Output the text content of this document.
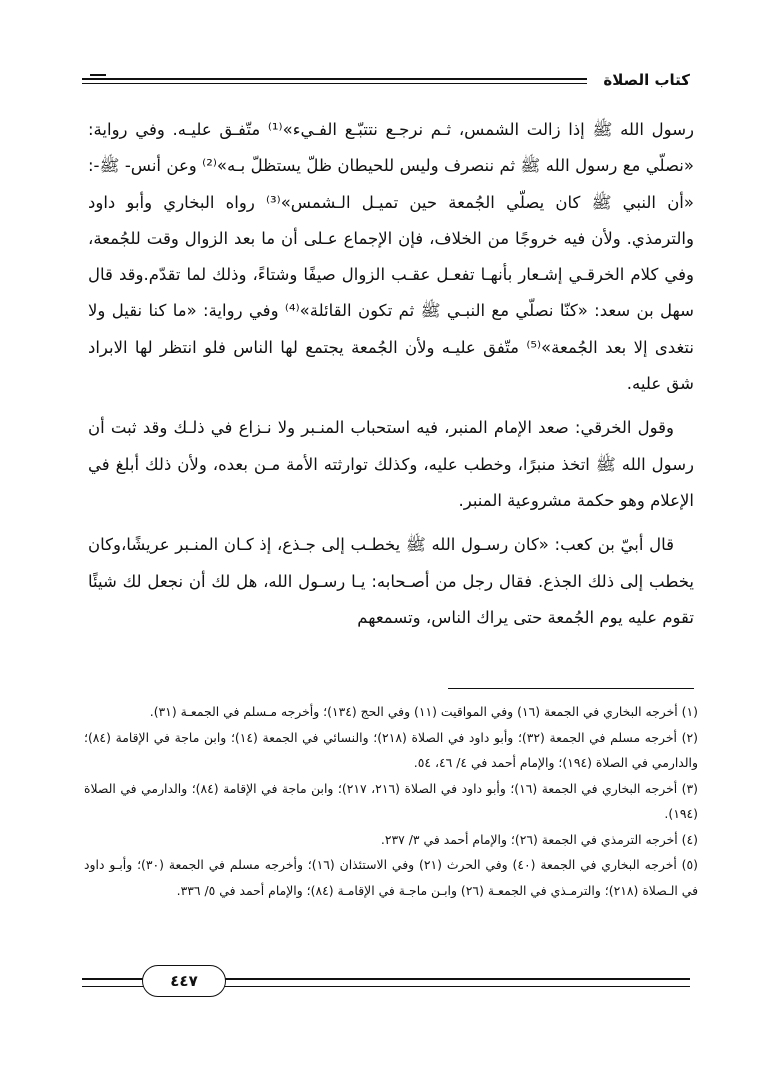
كتاب الصلاة

رسول الله ﷺ إذا زالت الشمس، ثـم نرجـع نتتبّـع الفـيء»⁽¹⁾ متّفـق عليـه. وفي رواية: «نصلّي مع رسول الله ﷺ ثم ننصرف وليس للحيطان ظلّ يستظلّ بـه»⁽²⁾ وعن أنس- ﷺ-: «أن النبي ﷺ كان يصلّي الجُمعة حين تميـل الـشمس»⁽³⁾ رواه البخاري وأبو داود والترمذي. ولأن فيه خروجًا من الخلاف، فإن الإجماع عـلى أن ما بعد الزوال وقت للجُمعة، وفي كلام الخرقـي إشـعار بأنهـا تفعـل عقـب الزوال صيفًا وشتاءً، وذلك لما تقدّم.وقد قال سهل بن سعد: «كنّا نصلّي مع النبـي ﷺ ثم تكون القائلة»⁽⁴⁾ وفي رواية: «ما كنا نقيل ولا نتغدى إلا بعد الجُمعة»⁽⁵⁾ متّفق عليـه ولأن الجُمعة يجتمع لها الناس فلو انتظر لها الابراد شق عليه.

وقول الخرقي: صعد الإمام المنبر، فيه استحباب المنـبر ولا نـزاع في ذلـك وقد ثبت أن رسول الله ﷺ اتخذ منبرًا، وخطب عليه، وكذلك توارثته الأمة مـن بعده، ولأن ذلك أبلغ في الإعلام وهو حكمة مشروعية المنبر.

قال أبيّ بن كعب: «كان رسـول الله ﷺ يخطـب إلى جـذع، إذ كـان المنـبر عريشًا،وكان يخطب إلى ذلك الجذع. فقال رجل من أصـحابه: يـا رسـول الله، هل لك أن نجعل لك شيئًا تقوم عليه يوم الجُمعة حتى يراك الناس، وتسمعهم

(١) أخرجه البخاري في الجمعة (١٦) وفي المواقيت (١١) وفي الحج (١٣٤)؛ وأخرجه مـسلم في الجمعـة (٣١).

(٢) أخرجه مسلم في الجمعة (٣٢)؛ وأبو داود في الصلاة (٢١٨)؛ والنسائي في الجمعة (١٤)؛ وابن ماجة في الإقامة (٨٤)؛ والدارمي في الصلاة (١٩٤)؛ والإمام أحمد في ٤/ ٤٦، ٥٤.

(٣) أخرجه البخاري في الجمعة (١٦)؛ وأبو داود في الصلاة (٢١٦، ٢١٧)؛ وابن ماجة في الإقامة (٨٤)؛ والدارمي في الصلاة (١٩٤).

(٤) أخرجه الترمذي في الجمعة (٢٦)؛ والإمام أحمد في ٣/ ٢٣٧.

(٥) أخرجه البخاري في الجمعة (٤٠) وفي الحرث (٢١) وفي الاستئذان (١٦)؛ وأخرجه مسلم في الجمعة (٣٠)؛ وأبـو داود في الـصلاة (٢١٨)؛ والترمـذي في الجمعـة (٢٦) وابـن ماجـة في الإقامـة (٨٤)؛ والإمام أحمد في ٥/ ٣٣٦.

٤٤٧
